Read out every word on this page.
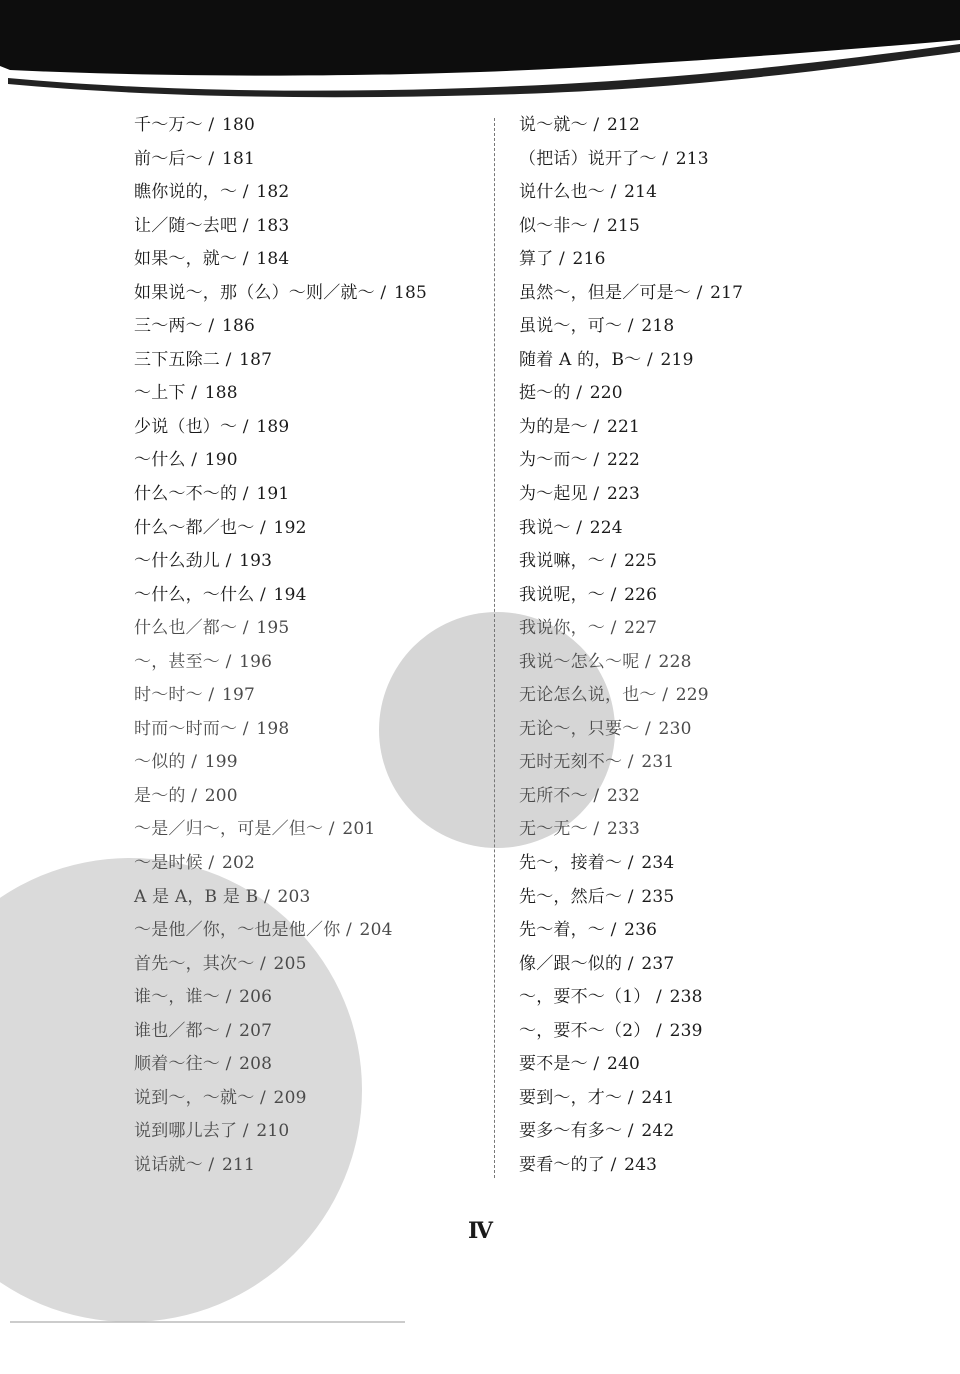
千～万～ / 180
前～后～ / 181
瞧你说的，～ / 182
让／随～去吧 / 183
如果～，就～ / 184
如果说～，那（么）～则／就～ / 185
三～两～ / 186
三下五除二 / 187
～上下 / 188
少说（也）～ / 189
～什么 / 190
什么～不～的 / 191
什么～都／也～ / 192
～什么劲儿 / 193
～什么，～什么 / 194
什么也／都～ / 195
～，甚至～ / 196
时～时～ / 197
时而～时而～ / 198
～似的 / 199
是～的 / 200
～是／归～，可是／但～ / 201
～是时候 / 202
A 是 A，B 是 B / 203
～是他／你，～也是他／你 / 204
首先～，其次～ / 205
谁～，谁～ / 206
谁也／都～ / 207
顺着～往～ / 208
说到～，～就～ / 209
说到哪儿去了 / 210
说话就～ / 211
说～就～ / 212
（把话）说开了～ / 213
说什么也～ / 214
似～非～ / 215
算了 / 216
虽然～，但是／可是～ / 217
虽说～，可～ / 218
随着 A 的，B～ / 219
挺～的 / 220
为的是～ / 221
为～而～ / 222
为～起见 / 223
我说～ / 224
我说嘛，～ / 225
我说呢，～ / 226
我说你，～ / 227
我说～怎么～呢 / 228
无论怎么说，也～ / 229
无论～，只要～ / 230
无时无刻不～ / 231
无所不～ / 232
无～无～ / 233
先～，接着～ / 234
先～，然后～ / 235
先～着，～ / 236
像／跟～似的 / 237
～，要不～（1） / 238
～，要不～（2） / 239
要不是～ / 240
要到～，才～ / 241
要多～有多～ / 242
要看～的了 / 243
Ⅳ
